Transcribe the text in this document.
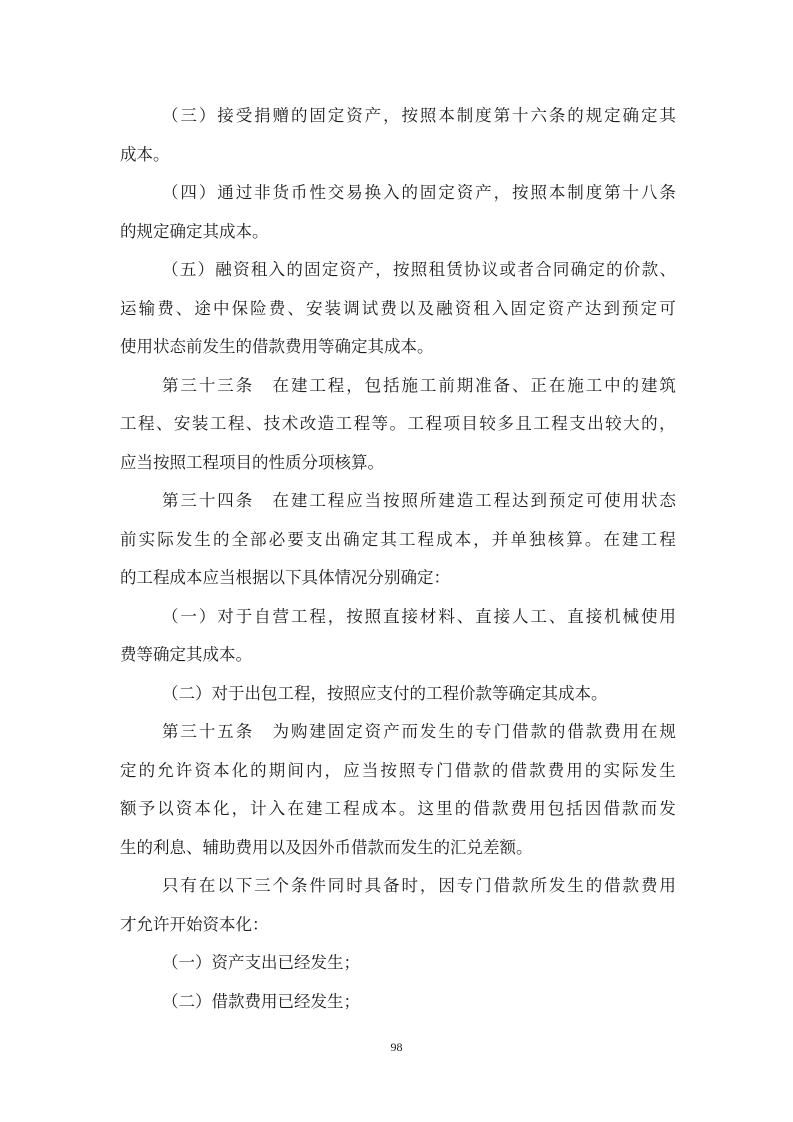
（ 三 ） 接 受 捐 赠 的 固 定 资 产 ， 按 照 本 制 度 第 十 六 条 的 规 定 确 定 其
成本。
（ 四 ） 通 过 非 货 币 性 交 易 换 入 的 固 定 资 产 ， 按 照 本 制 度 第 十 八 条
的规定确定其成本。
（ 五 ） 融 资 租 入 的 固 定 资 产 ， 按 照 租 赁 协 议 或 者 合 同 确 定 的 价 款 、
运 输 费 、 途 中 保 险 费 、 安 装 调 试 费 以 及 融 资 租 入 固 定 资 产 达 到 预 定 可
使用状态前发生的借款费用等确定其成本。
第 三 十 三 条
　 在 建 工 程 ， 包 括 施 工 前 期 准 备 、 正 在 施 工 中 的 建 筑
工 程 、 安 装 工 程 、 技 术 改 造 工 程 等 。 工 程 项 目 较 多 且 工 程 支 出 较 大 的 ，
应当按照工程项目的性质分项核算。
第 三 十 四 条
　 在 建 工 程 应 当 按 照 所 建 造 工 程 达 到 预 定 可 使 用 状 态
前 实 际 发 生 的 全 部 必 要 支 出 确 定 其 工 程 成 本 ， 并 单 独 核 算 。 在 建 工 程
的工程成本应当根据以下具体情况分别确定：
（ 一 ） 对 于 自 营 工 程 ， 按 照 直 接 材 料 、 直 接 人 工 、 直 接 机 械 使 用
费等确定其成本。
（二）对于出包工程，按照应支付的工程价款等确定其成本。
第 三 十 五 条
　 为 购 建 固 定 资 产 而 发 生 的 专 门 借 款 的 借 款 费 用 在 规
定 的 允 许 资 本 化 的 期 间 内 ， 应 当 按 照 专 门 借 款 的 借 款 费 用 的 实 际 发 生
额 予 以 资 本 化 ， 计 入 在 建 工 程 成 本 。 这 里 的 借 款 费 用 包 括 因 借 款 而 发
生的利息、辅助费用以及因外币借款而发生的汇兑差额。
只 有 在 以 下 三 个 条 件 同 时 具 备 时 ， 因 专 门 借 款 所 发 生 的 借 款 费 用
才允许开始资本化：
（一）资产支出已经发生；
（二）借款费用已经发生；
98
